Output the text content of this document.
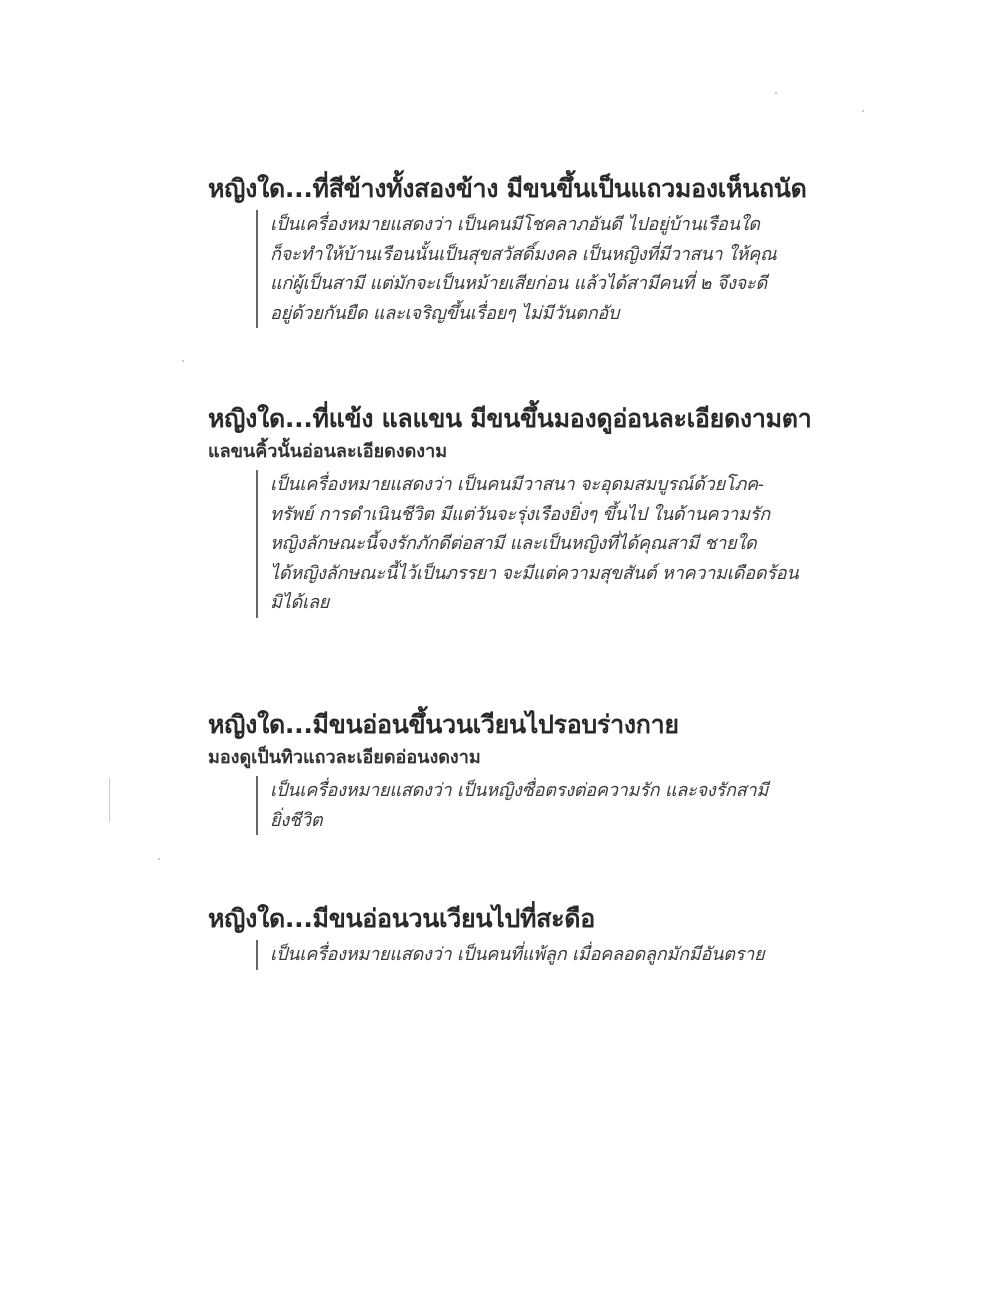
หญิงใด...ที่สีข้างทั้งสองข้าง มีขนขึ้นเป็นแถวมองเห็นถนัด
เป็นเครื่องหมายแสดงว่า เป็นคนมีโชคลาภอันดี ไปอยู่บ้านเรือนใด
ก็จะทำให้บ้านเรือนนั้นเป็นสุขสวัสดิ์มงคล เป็นหญิงที่มีวาสนา ให้คุณ
แก่ผู้เป็นสามี แต่มักจะเป็นหม้ายเสียก่อน แล้วได้สามีคนที่ ๒ จึงจะดี
อยู่ด้วยกันยืด และเจริญขึ้นเรื่อยๆ ไม่มีวันตกอับ
หญิงใด...ที่แข้ง แลแขน มีขนขึ้นมองดูอ่อนละเอียดงามตา
แลขนคิ้วนั้นอ่อนละเอียดงดงาม
เป็นเครื่องหมายแสดงว่า เป็นคนมีวาสนา จะอุดมสมบูรณ์ด้วยโภค-
ทรัพย์ การดำเนินชีวิต มีแต่วันจะรุ่งเรืองยิ่งๆ ขึ้นไป ในด้านความรัก
หญิงลักษณะนี้จงรักภักดีต่อสามี และเป็นหญิงที่ได้คุณสามี ชายใด
ได้หญิงลักษณะนี้ไว้เป็นภรรยา จะมีแต่ความสุขสันต์ หาความเดือดร้อน
มิได้เลย
หญิงใด...มีขนอ่อนขึ้นวนเวียนไปรอบร่างกาย
มองดูเป็นทิวแถวละเอียดอ่อนงดงาม
เป็นเครื่องหมายแสดงว่า เป็นหญิงซื่อตรงต่อความรัก และจงรักสามี
ยิ่งชีวิต
หญิงใด...มีขนอ่อนวนเวียนไปที่สะดือ
เป็นเครื่องหมายแสดงว่า เป็นคนที่แพ้ลูก เมื่อคลอดลูกมักมีอันตราย
